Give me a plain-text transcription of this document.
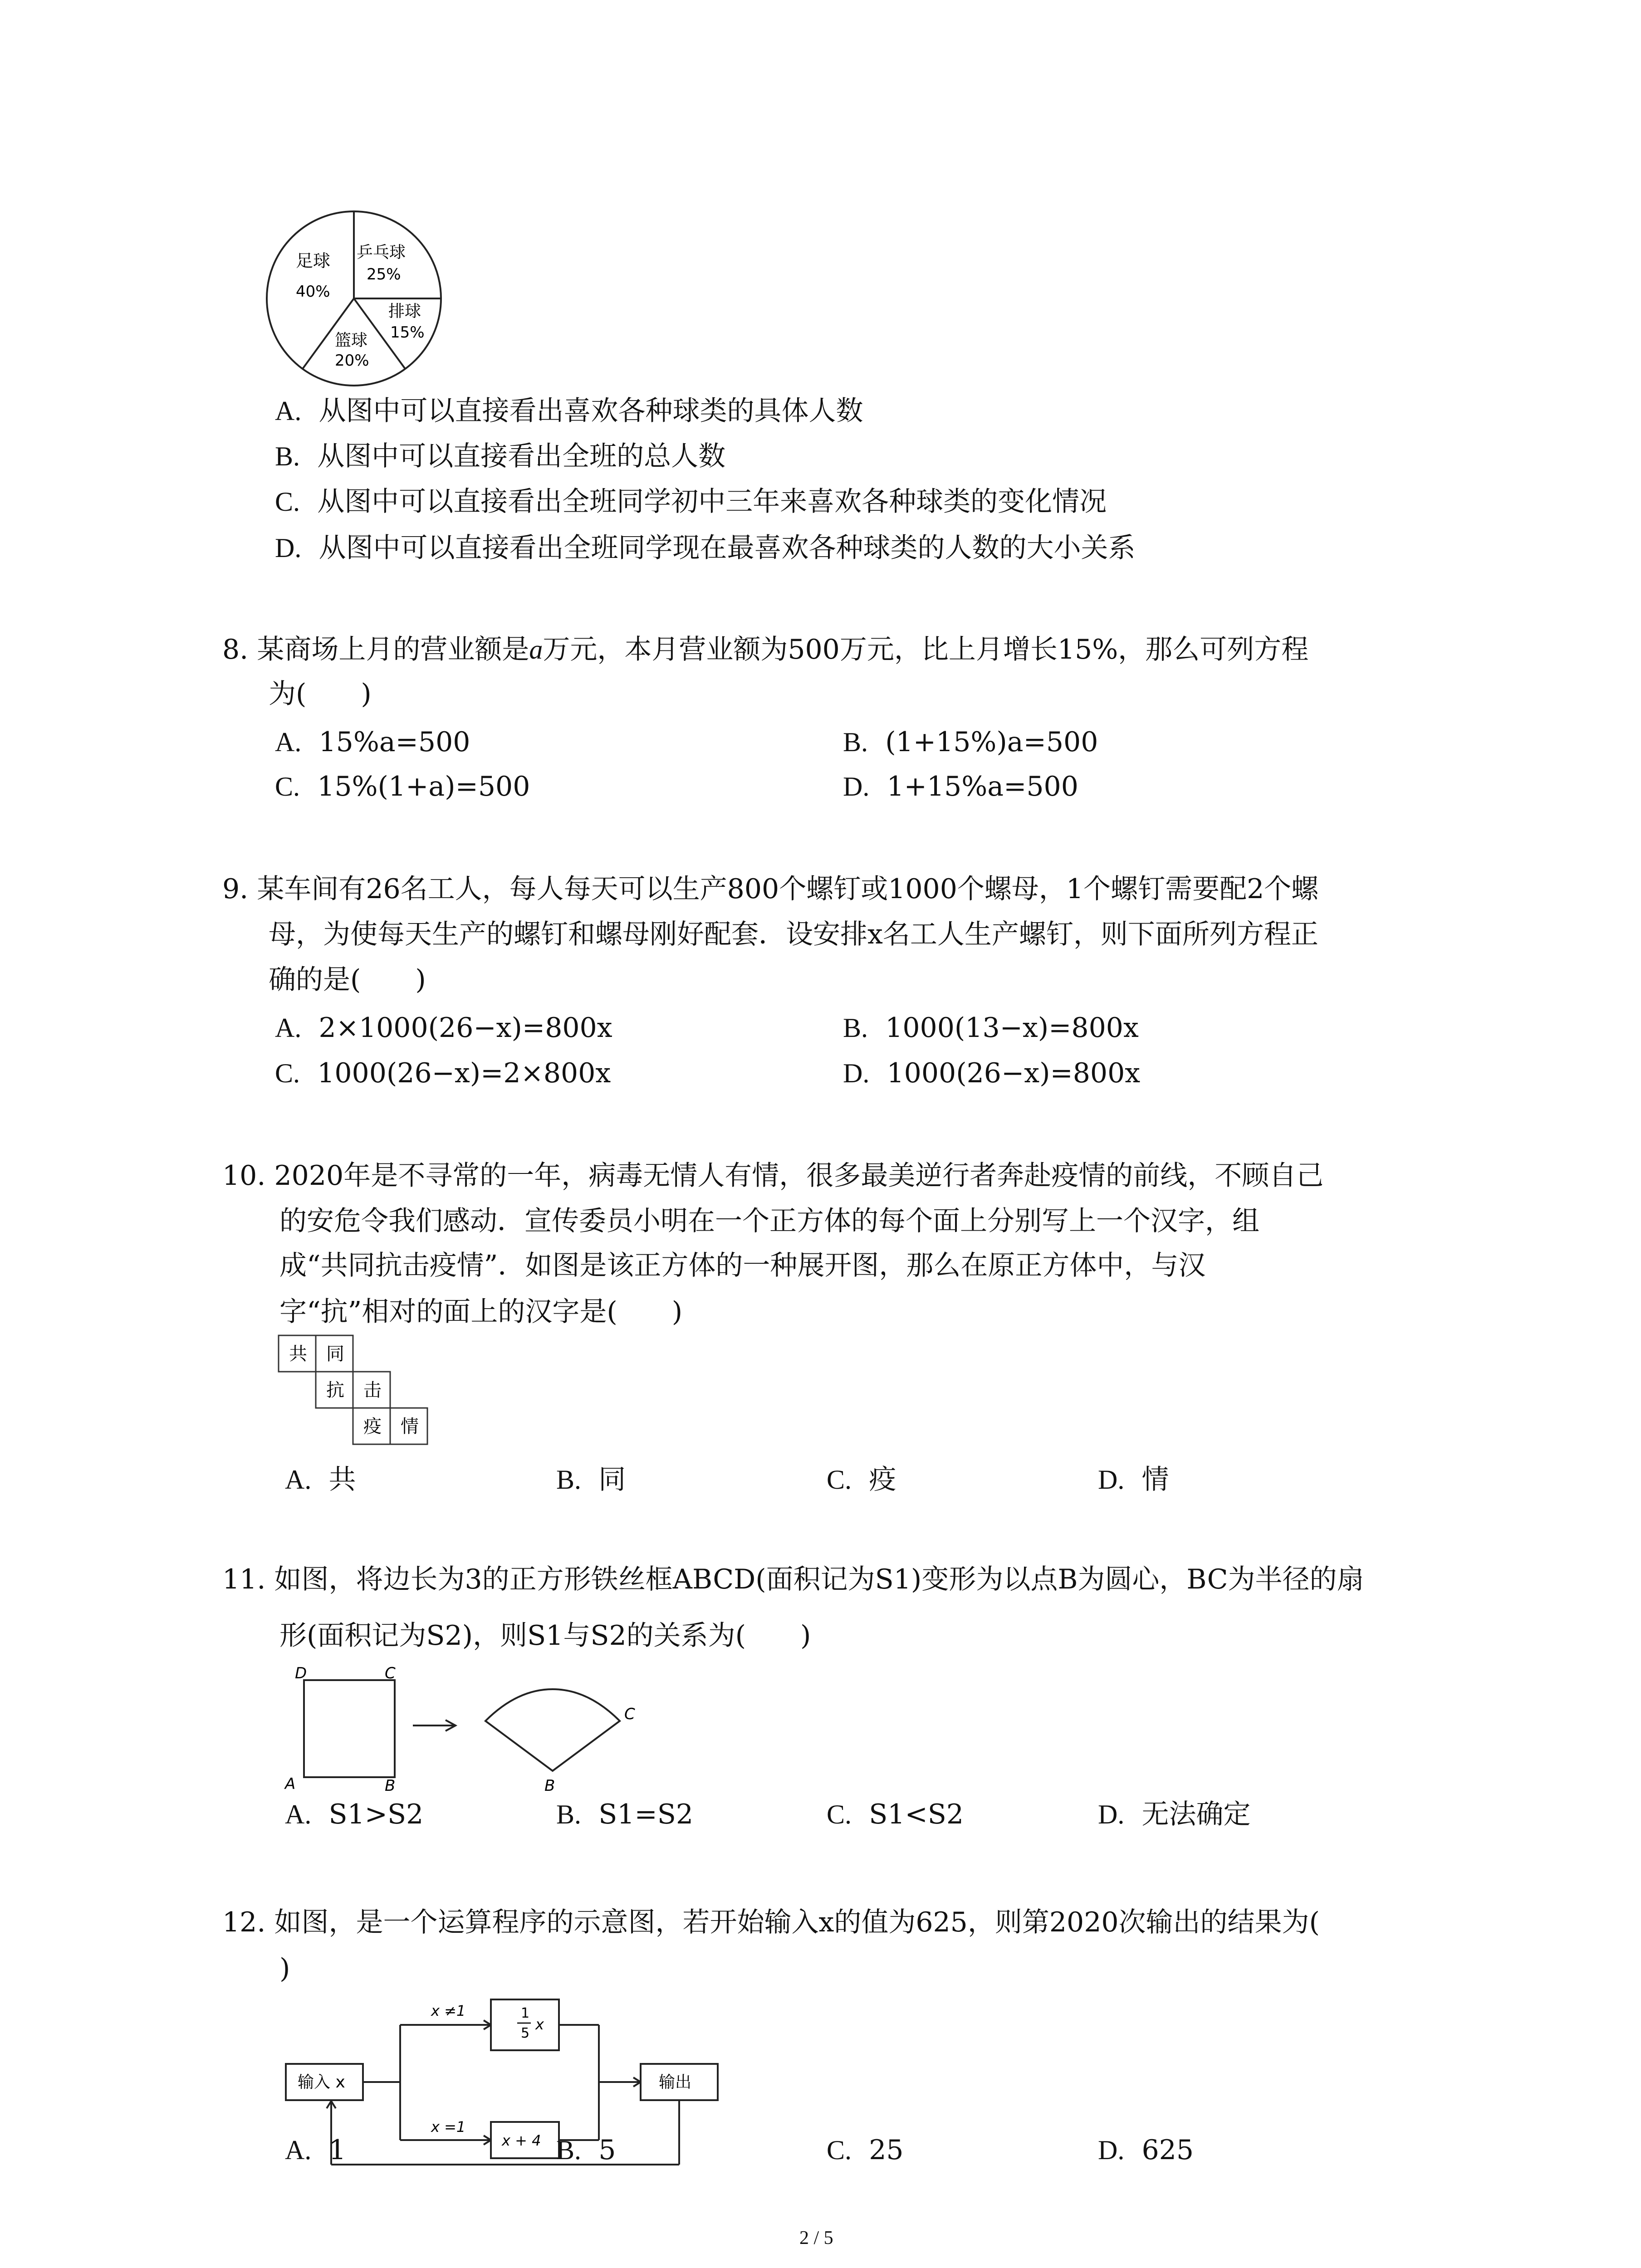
足球
40%
乒乓球
25%
排球
15%
篮球
20%
A. 从图中可以直接看出喜欢各种球类的具体人数
B. 从图中可以直接看出全班的总人数
C. 从图中可以直接看出全班同学初中三年来喜欢各种球类的变化情况
D. 从图中可以直接看出全班同学现在最喜欢各种球类的人数的大小关系
8. 某商场上月的营业额是a万元，本月营业额为500万元，比上月增长15%，那么可列方程
为(　　)
A. 15%a=500	B. (1+15%)a=500
C. 15%(1+a)=500	D. 1+15%a=500
9. 某车间有26名工人，每人每天可以生产800个螺钉或1000个螺母，1个螺钉需要配2个螺
母，为使每天生产的螺钉和螺母刚好配套．设安排x名工人生产螺钉，则下面所列方程正
确的是(　　)
A. 2×1000(26−x)=800x	B. 1000(13−x)=800x
C. 1000(26−x)=2×800x	D. 1000(26−x)=800x
10. 2020年是不寻常的一年，病毒无情人有情，很多最美逆行者奔赴疫情的前线，不顾自己
的安危令我们感动．宣传委员小明在一个正方体的每个面上分别写上一个汉字，组
成“共同抗击疫情”．如图是该正方体的一种展开图，那么在原正方体中，与汉
字“抗”相对的面上的汉字是(　　)
共 同
抗 击
疫 情
A. 共	B. 同	C. 疫	D. 情
11. 如图，将边长为3的正方形铁丝框ABCD(面积记为S1)变形为以点B为圆心，BC为半径的扇
形(面积记为S2)，则S1与S2的关系为(　　)
D	C
A	B
C
B
A. S1>S2	B. S1=S2	C. S1<S2	D. 无法确定
12. 如图，是一个运算程序的示意图，若开始输入x的值为625，则第2020次输出的结果为(
)
输入 x
x ≠1
x =1
1
5
x
x + 4
输出
A. 1	B. 5	C. 25	D. 625
2 / 5
